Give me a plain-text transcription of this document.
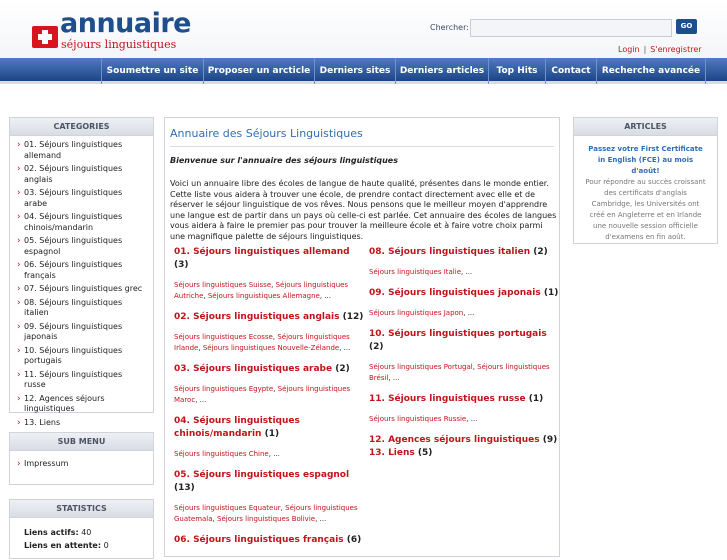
annuaire
séjours linguistiques
Chercher:	GO
Login | S'enregistrer
Soumettre un site	Proposer un arcticle	Derniers sites	Derniers articles	Top Hits	Contact	Recherche avancée
CATEGORIES
› 01. Séjours linguistiques allemand
› 02. Séjours linguistiques anglais
› 03. Séjours linguistiques arabe
› 04. Séjours linguistiques chinois/mandarin
› 05. Séjours linguistiques espagnol
› 06. Séjours linguistiques français
› 07. Séjours linguistiques grec
› 08. Séjours linguistiques italien
› 09. Séjours linguistiques japonais
› 10. Séjours linguistiques portugais
› 11. Séjours linguistiques russe
› 12. Agences séjours linguistiques
› 13. Liens
SUB MENU
› Impressum
STATISTICS
Liens actifs: 40
Liens en attente: 0
Annuaire des Séjours Linguistiques
Bienvenue sur l'annuaire des séjours linguistiques
Voici un annuaire libre des écoles de langue de haute qualité, présentes dans le monde entier. Cette liste vous aidera à trouver une école, de prendre contact directement avec elle et de réserver le séjour linguistique de vos rêves. Nous pensons que le meilleur moyen d'apprendre une langue est de partir dans un pays où celle-ci est parlée. Cet annuaire des écoles de langues vous aidera à faire le premier pas pour trouver la meilleure école et à faire votre choix parmi une magnifique palette de séjours linguistiques.
01. Séjours linguistiques allemand (3)
Séjours linguistiques Suisse, Séjours linguistiques Autriche, Séjours linguistiques Allemagne, ...
02. Séjours linguistiques anglais (12)
Séjours linguistiques Ecosse, Séjours linguistiques Irlande, Séjours linguistiques Nouvelle-Zélande, ...
03. Séjours linguistiques arabe (2)
Séjours linguistiques Egypte, Séjours linguistiques Maroc, ...
04. Séjours linguistiques chinois/mandarin (1)
Séjours linguistiques Chine, ...
05. Séjours linguistiques espagnol (13)
Séjours linguistiques Equateur, Séjours linguistiques Guatemala, Séjours linguistiques Bolivie, ...
06. Séjours linguistiques français (6)
08. Séjours linguistiques italien (2)
Séjours linguistiques Italie, ...
09. Séjours linguistiques japonais (1)
Séjours linguistiques Japon, ...
10. Séjours linguistiques portugais (2)
Séjours linguistiques Portugal, Séjours linguistiques Brésil, ...
11. Séjours linguistiques russe (1)
Séjours linguistiques Russie, ...
12. Agences séjours linguistiques (9)
13. Liens (5)
ARTICLES
Passez votre First Certificate in English (FCE) au mois d'août!
Pour répondre au succès croissant des certificats d'anglais Cambridge, les Universités ont créé en Angleterre et en Irlande une nouvelle session officielle d'examens en fin août.
